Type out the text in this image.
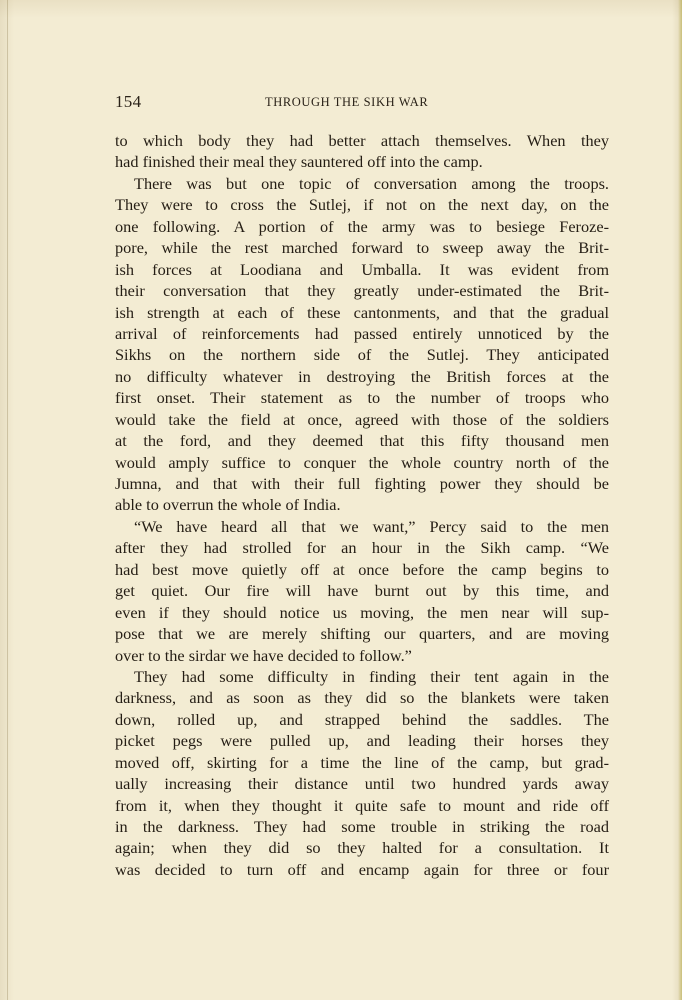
154	THROUGH THE SIKH WAR
to which body they had better attach themselves. When they
had finished their meal they sauntered off into the camp.
There was but one topic of conversation among the troops.
They were to cross the Sutlej, if not on the next day, on the
one following. A portion of the army was to besiege Feroze-
pore, while the rest marched forward to sweep away the Brit-
ish forces at Loodiana and Umballa. It was evident from
their conversation that they greatly under-estimated the Brit-
ish strength at each of these cantonments, and that the gradual
arrival of reinforcements had passed entirely unnoticed by the
Sikhs on the northern side of the Sutlej. They anticipated
no difficulty whatever in destroying the British forces at the
first onset. Their statement as to the number of troops who
would take the field at once, agreed with those of the soldiers
at the ford, and they deemed that this fifty thousand men
would amply suffice to conquer the whole country north of the
Jumna, and that with their full fighting power they should be
able to overrun the whole of India.
“We have heard all that we want,” Percy said to the men
after they had strolled for an hour in the Sikh camp. “We
had best move quietly off at once before the camp begins to
get quiet. Our fire will have burnt out by this time, and
even if they should notice us moving, the men near will sup-
pose that we are merely shifting our quarters, and are moving
over to the sirdar we have decided to follow.”
They had some difficulty in finding their tent again in the
darkness, and as soon as they did so the blankets were taken
down, rolled up, and strapped behind the saddles. The
picket pegs were pulled up, and leading their horses they
moved off, skirting for a time the line of the camp, but grad-
ually increasing their distance until two hundred yards away
from it, when they thought it quite safe to mount and ride off
in the darkness. They had some trouble in striking the road
again; when they did so they halted for a consultation. It
was decided to turn off and encamp again for three or four
